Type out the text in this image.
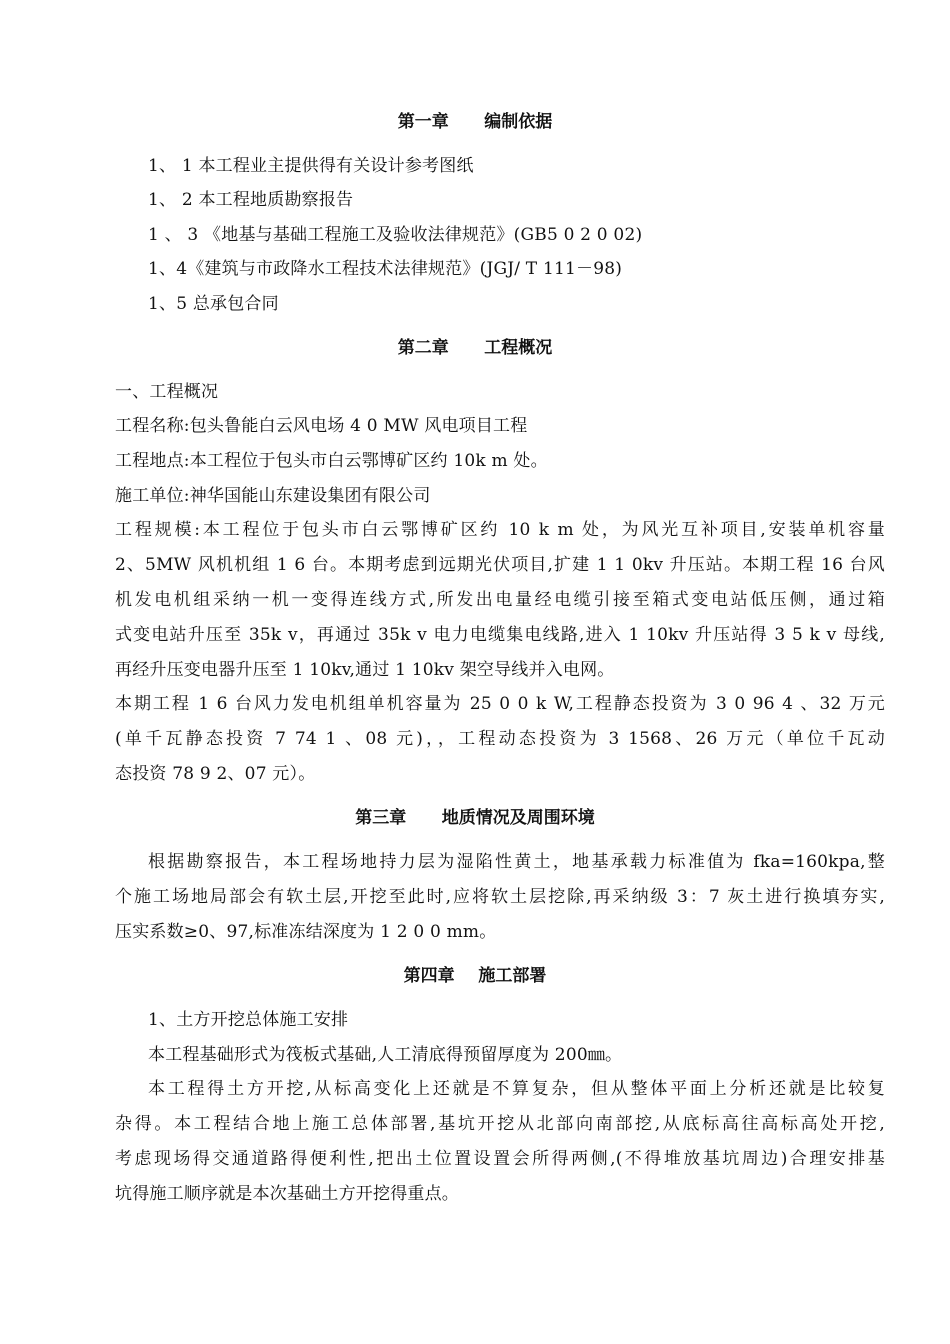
第一章      编制依据
1、 1 本工程业主提供得有关设计参考图纸
1、 2 本工程地质勘察报告
1 、 3 《地基与基础工程施工及验收法律规范》(GB5 0 2 0 02)
1、4《建筑与市政降水工程技术法律规范》(JGJ/ T 111－98)
1、5 总承包合同
第二章      工程概况
一、工程概况
工程名称:包头鲁能白云风电场 4 0 MW 风电项目工程
工程地点:本工程位于包头市白云鄂博矿区约 10k m 处。
施工单位:神华国能山东建设集团有限公司
工程规模:本工程位于包头市白云鄂博矿区约 10 k m 处，为风光互补项目,安装单机容量
2、5MW 风机机组 1 6 台。本期考虑到远期光伏项目,扩建 1 1 0kv 升压站。本期工程 16 台风
机发电机组采纳一机一变得连线方式,所发出电量经电缆引接至箱式变电站低压侧，通过箱
式变电站升压至 35k v，再通过 35k v 电力电缆集电线路,进入 1 10kv 升压站得 3 5 k v 母线,
再经升压变电器升压至 1 10kv,通过 1 10kv 架空导线并入电网。
本期工程 1 6 台风力发电机组单机容量为 25 0 0 k W,工程静态投资为 3 0 96 4 、32 万元
(单千瓦静态投资 7 74 1 、08 元)，，工程动态投资为 3 1568、26 万元（单位千瓦动
态投资 78 9 2、07 元）。
第三章      地质情况及周围环境
根据勘察报告，本工程场地持力层为湿陷性黄土，地基承载力标准值为 fka=160kpa,整
个施工场地局部会有软土层,开挖至此时,应将软土层挖除,再采纳级 3：7 灰土进行换填夯实,
压实系数≥0、97,标准冻结深度为 1 2 0 0 mm。
第四章    施工部署
1、土方开挖总体施工安排
本工程基础形式为筏板式基础,人工清底得预留厚度为 200㎜。
本工程得土方开挖,从标高变化上还就是不算复杂，但从整体平面上分析还就是比较复
杂得。本工程结合地上施工总体部署,基坑开挖从北部向南部挖,从底标高往高标高处开挖,
考虑现场得交通道路得便利性,把出土位置设置会所得两侧,(不得堆放基坑周边)合理安排基
坑得施工顺序就是本次基础土方开挖得重点。
